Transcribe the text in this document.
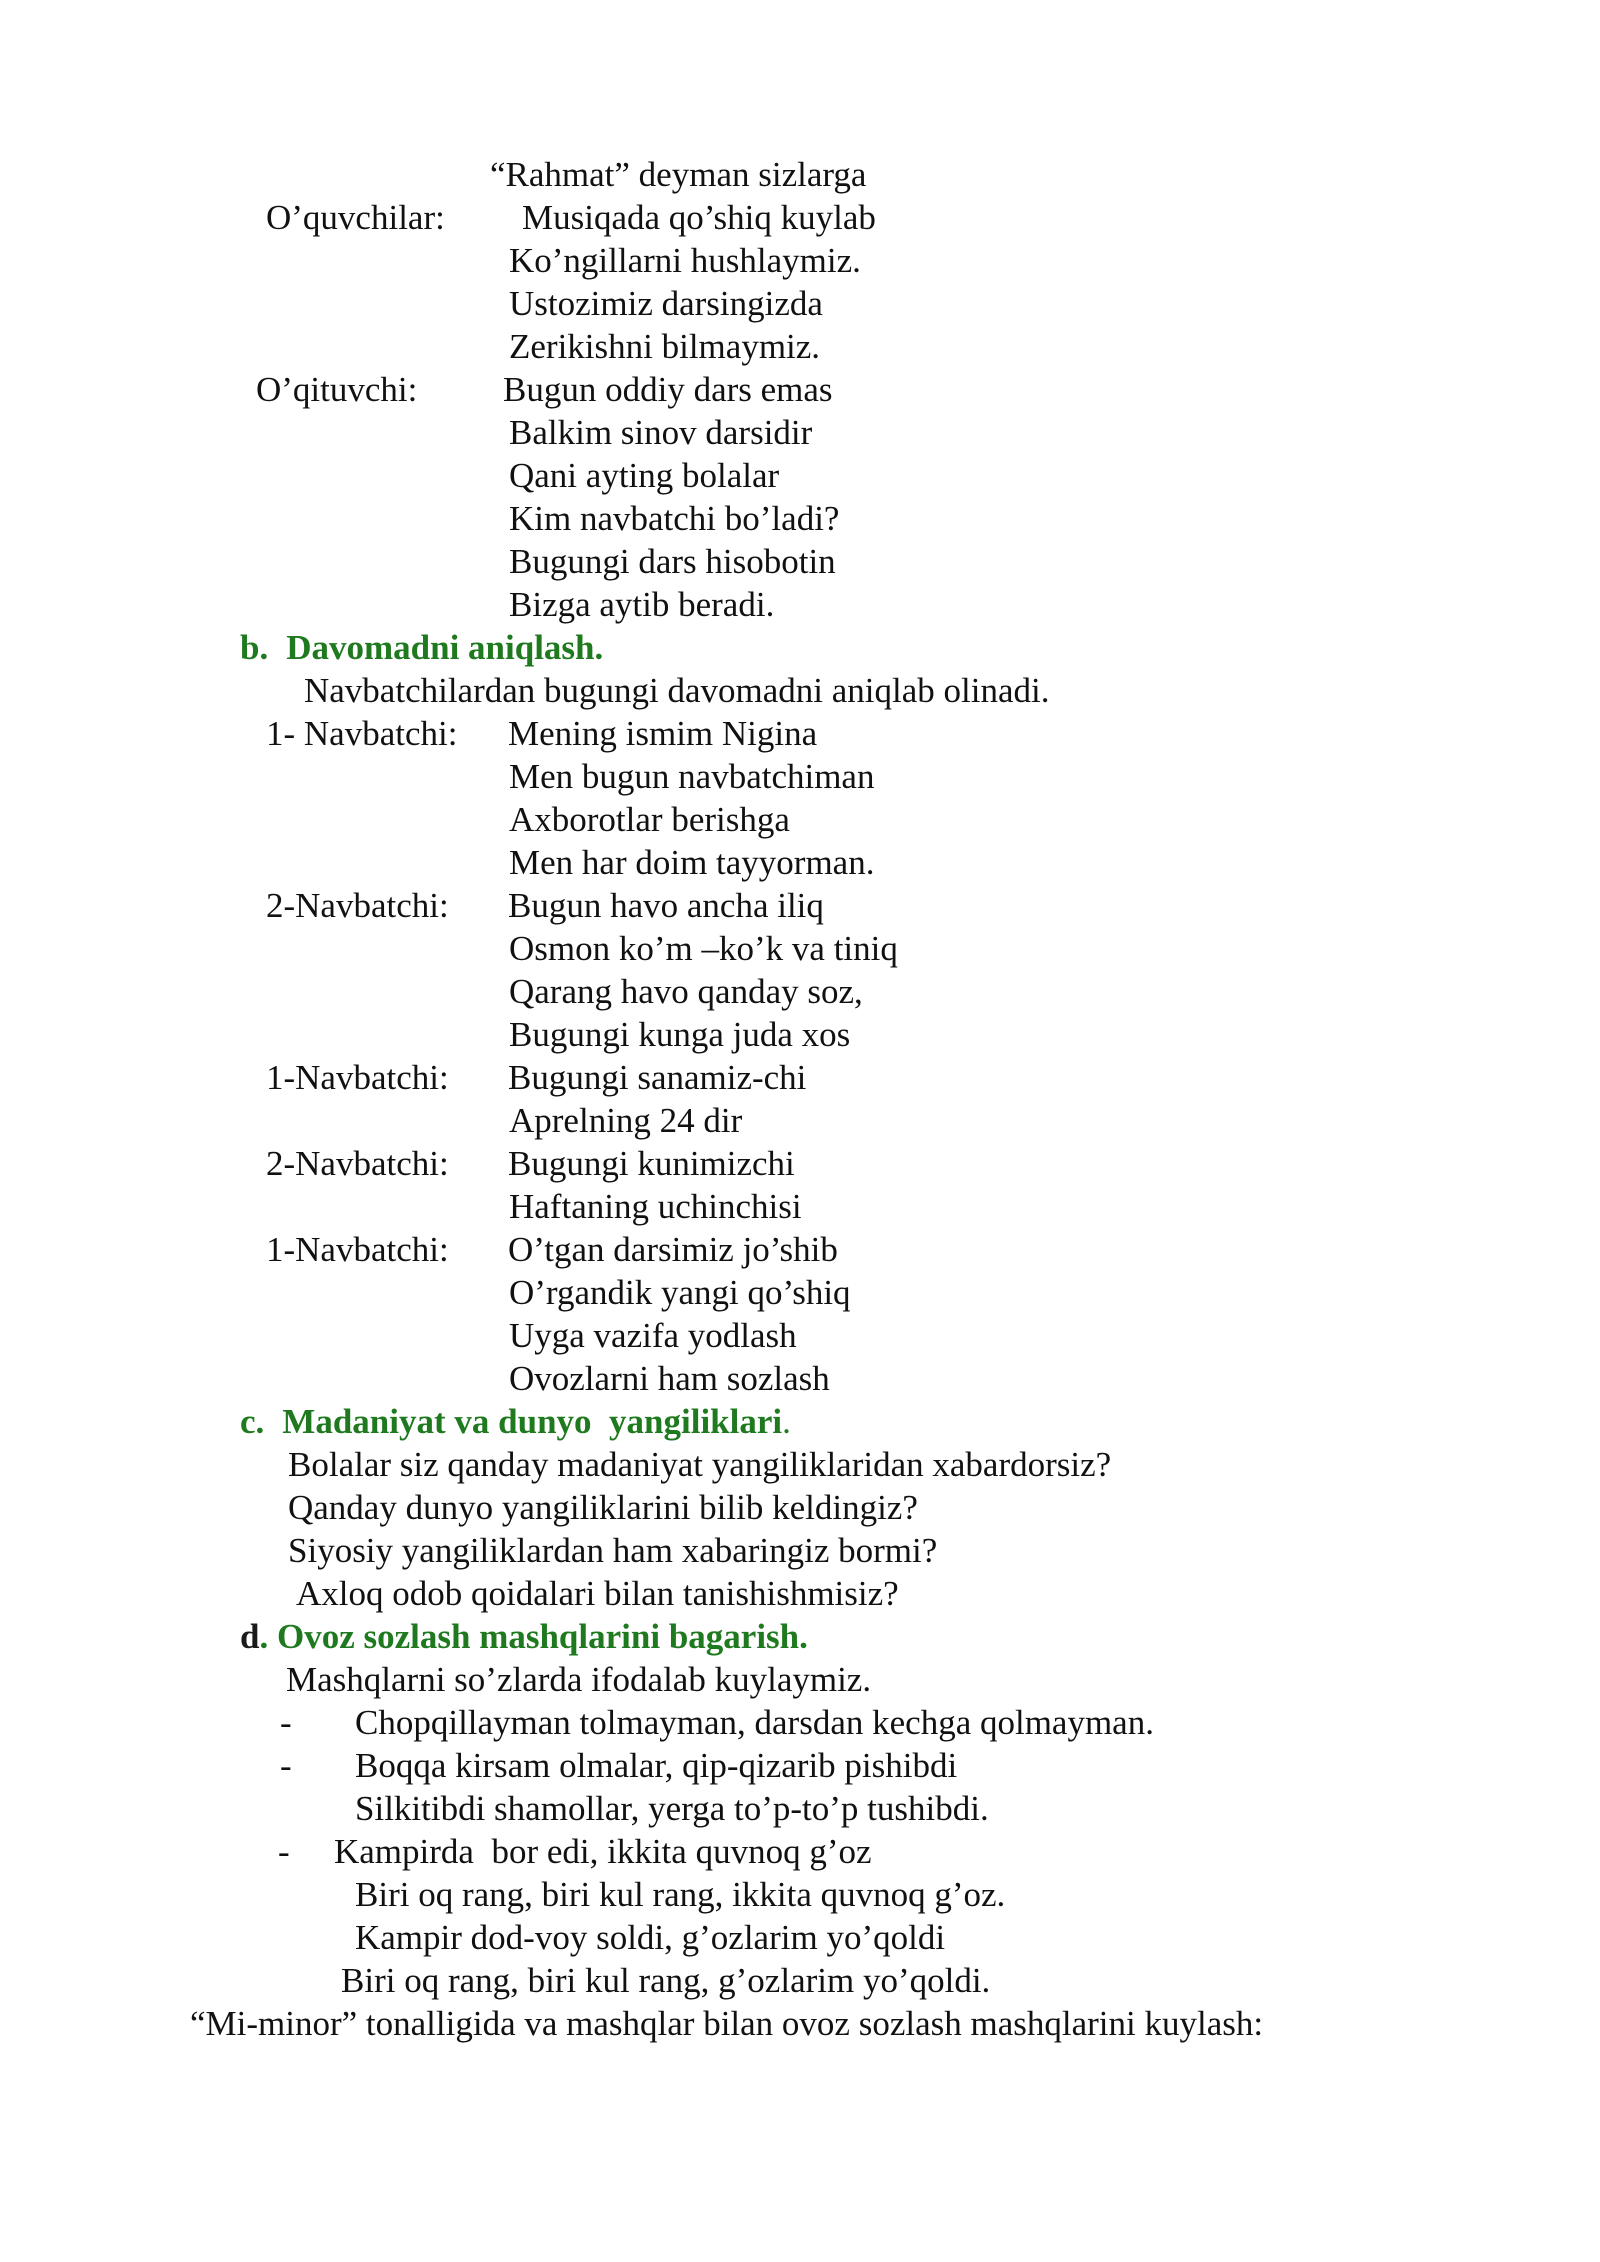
“Rahmat” deyman sizlarga
O’quvchilar: Musiqada qo’shiq kuylab
Ko’ngillarni hushlaymiz.
Ustozimiz darsingizda
Zerikishni bilmaymiz.
O’qituvchi: Bugun oddiy dars emas
Balkim sinov darsidir
Qani ayting bolalar
Kim navbatchi bo’ladi?
Bugungi dars hisobotin
Bizga aytib beradi.
b. Davomadni aniqlash.
Navbatchilardan bugungi davomadni aniqlab olinadi.
1- Navbatchi: Mening ismim Nigina
Men bugun navbatchiman
Axborotlar berishga
Men har doim tayyorman.
2-Navbatchi: Bugun havo ancha iliq
Osmon ko’m –ko’k va tiniq
Qarang havo qanday soz,
Bugungi kunga juda xos
1-Navbatchi: Bugungi sanamiz-chi
Aprelning 24 dir
2-Navbatchi: Bugungi kunimizchi
Haftaning uchinchisi
1-Navbatchi: O’tgan darsimiz jo’shib
O’rgandik yangi qo’shiq
Uyga vazifa yodlash
Ovozlarni ham sozlash
c. Madaniyat va dunyo  yangiliklari.
Bolalar siz qanday madaniyat yangiliklaridan xabardorsiz?
Qanday dunyo yangiliklarini bilib keldingiz?
Siyosiy yangiliklardan ham xabaringiz bormi?
Axloq odob qoidalari bilan tanishishmisiz?
d. Ovoz sozlash mashqlarini bagarish.
Mashqlarni so’zlarda ifodalab kuylaymiz.
- Chopqillayman tolmayman, darsdan kechga qolmayman.
- Boqqa kirsam olmalar, qip-qizarib pishibdi
Silkitibdi shamollar, yerga to’p-to’p tushibdi.
- Kampirda  bor edi, ikkita quvnoq g’oz
Biri oq rang, biri kul rang, ikkita quvnoq g’oz.
Kampir dod-voy soldi, g’ozlarim yo’qoldi
Biri oq rang, biri kul rang, g’ozlarim yo’qoldi.
“Mi-minor” tonalligida va mashqlar bilan ovoz sozlash mashqlarini kuylash:
